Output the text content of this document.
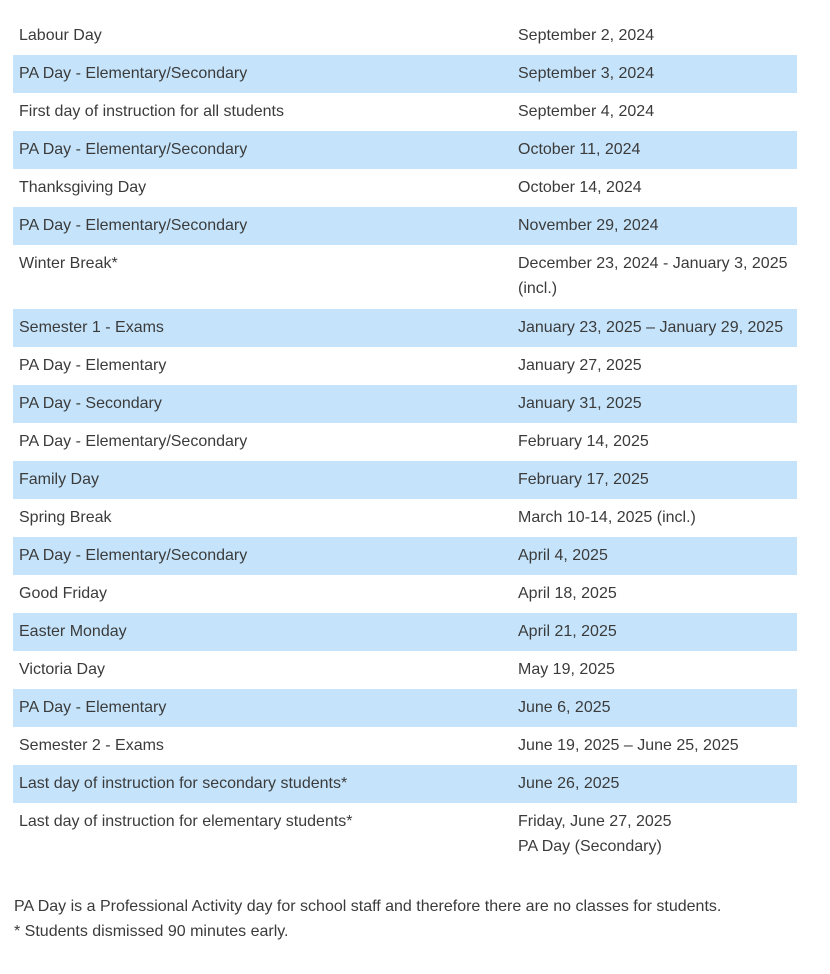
Labour Day	September 2, 2024

PA Day - Elementary/Secondary	September 3, 2024

First day of instruction for all students	September 4, 2024

PA Day - Elementary/Secondary	October 11, 2024

Thanksgiving Day	October 14, 2024

PA Day - Elementary/Secondary	November 29, 2024

Winter Break*	December 23, 2024 - January 3, 2025
(incl.)

Semester 1 - Exams	January 23, 2025 – January 29, 2025

PA Day - Elementary	January 27, 2025

PA Day - Secondary	January 31, 2025

PA Day - Elementary/Secondary	February 14, 2025

Family Day	February 17, 2025

Spring Break	March 10-14, 2025 (incl.)

PA Day - Elementary/Secondary	April 4, 2025

Good Friday	April 18, 2025

Easter Monday	April 21, 2025

Victoria Day	May 19, 2025

PA Day - Elementary	June 6, 2025

Semester 2 - Exams	June 19, 2025 – June 25, 2025

Last day of instruction for secondary students*	June 26, 2025

Last day of instruction for elementary students*	Friday, June 27, 2025
PA Day (Secondary)
PA Day is a Professional Activity day for school staff and therefore there are no classes for students.
* Students dismissed 90 minutes early.
